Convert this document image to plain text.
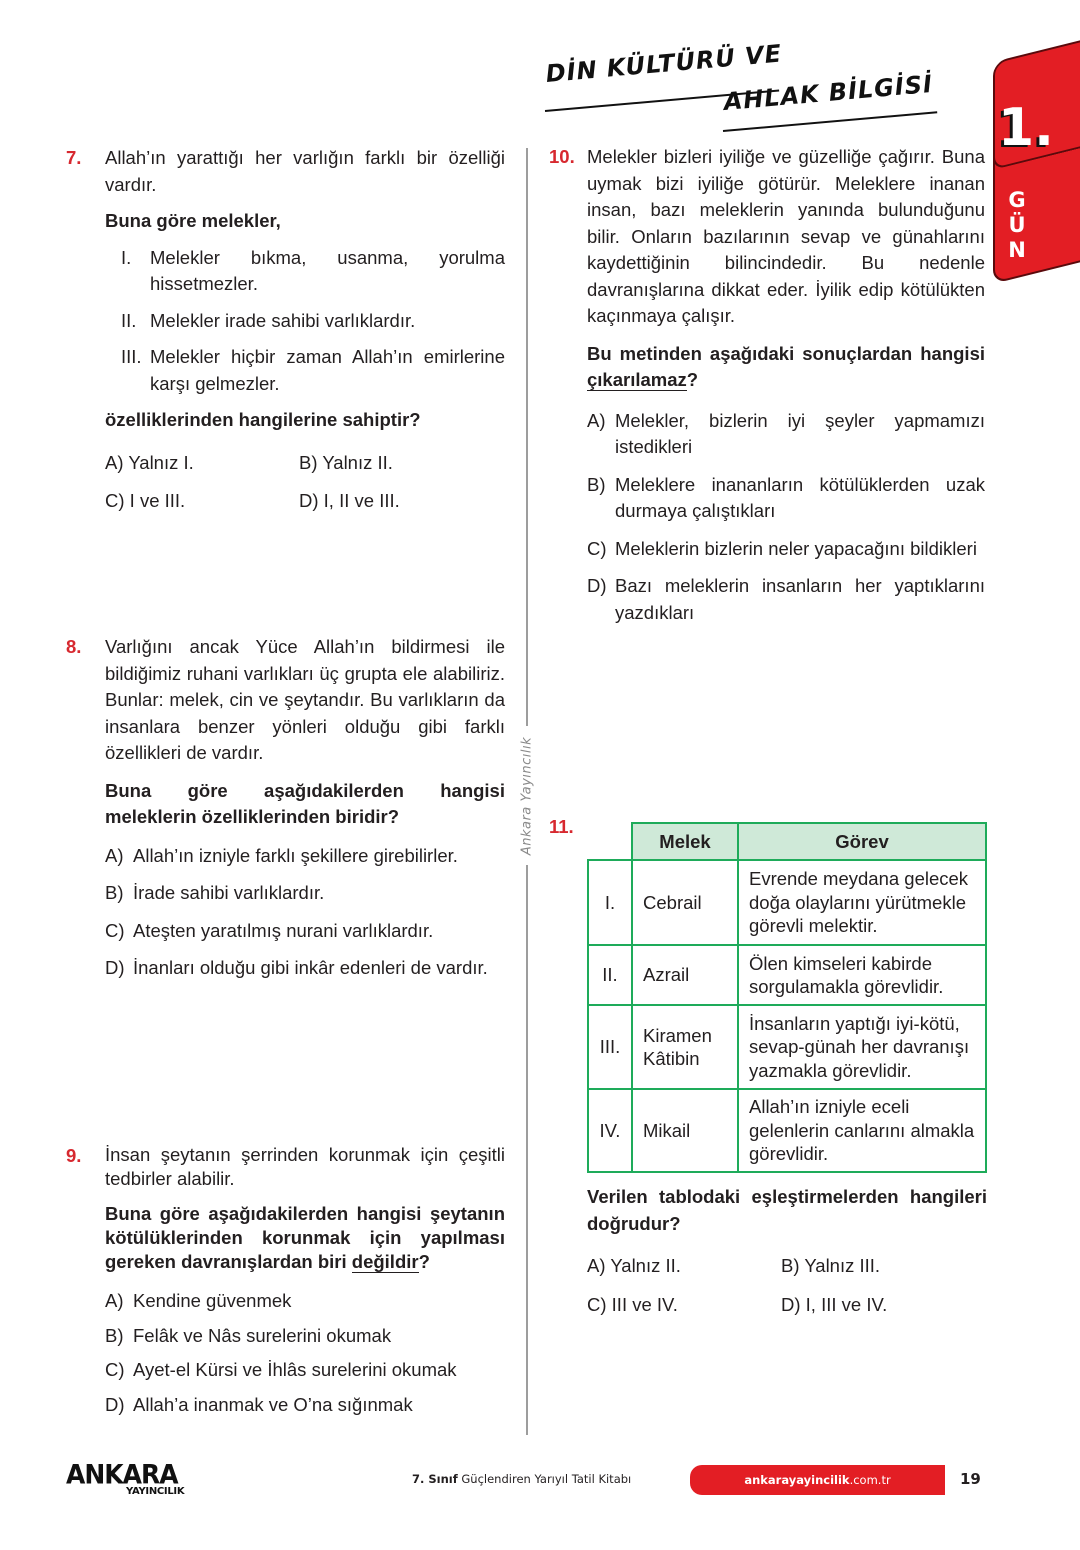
DİN KÜLTÜRÜ VE
AHLAK BİLGİSİ
1.
G
Ü
N
Ankara Yayıncılık
7. Allah’ın yarattığı her varlığın farklı bir özelliği vardır.
Buna göre melekler,
I. Melekler bıkma, usanma, yorulma hissetmezler.
II. Melekler irade sahibi varlıklardır.
III. Melekler hiçbir zaman Allah’ın emirlerine karşı gelmezler.
özelliklerinden hangilerine sahiptir?
A) Yalnız I.	B) Yalnız II.
C) I ve III.	D) I, II ve III.
8. Varlığını ancak Yüce Allah’ın bildirmesi ile bildiğimiz ruhani varlıkları üç grupta ele alabiliriz. Bunlar: melek, cin ve şeytandır. Bu varlıkların da insanlara benzer yönleri olduğu gibi farklı özellikleri de vardır.
Buna göre aşağıdakilerden hangisi meleklerin özelliklerinden biridir?
A) Allah’ın izniyle farklı şekillere girebilirler.
B) İrade sahibi varlıklardır.
C) Ateşten yaratılmış nurani varlıklardır.
D) İnanları olduğu gibi inkâr edenleri de vardır.
9. İnsan şeytanın şerrinden korunmak için çeşitli tedbirler alabilir.
Buna göre aşağıdakilerden hangisi şeytanın kötülüklerinden korunmak için yapılması gereken davranışlardan biri değildir?
A) Kendine güvenmek
B) Felâk ve Nâs surelerini okumak
C) Ayet-el Kürsi ve İhlâs surelerini okumak
D) Allah’a inanmak ve O’na sığınmak
10. Melekler bizleri iyiliğe ve güzelliğe çağırır. Buna uymak bizi iyiliğe götürür. Meleklere inanan insan, bazı meleklerin yanında bulunduğunu bilir. Onların bazılarının sevap ve günahlarını kaydettiğinin bilincindedir. Bu nedenle davranışlarına dikkat eder. İyilik edip kötülükten kaçınmaya çalışır.
Bu metinden aşağıdaki sonuçlardan hangisi çıkarılamaz?
A) Melekler, bizlerin iyi şeyler yapmamızı istedikleri
B) Meleklere inananların kötülüklerden uzak durmaya çalıştıkları
C) Meleklerin bizlerin neler yapacağını bildikleri
D) Bazı meleklerin insanların her yaptıklarını yazdıkları
11.
	Melek	Görev
I.	Cebrail	Evrende meydana gelecek doğa olaylarını yürütmekle görevli melektir.
II.	Azrail	Ölen kimseleri kabirde sorgulamakla görevlidir.
III.	Kiramen Kâtibin	İnsanların yaptığı iyi-kötü, sevap-günah her davranışı yazmakla görevlidir.
IV.	Mikail	Allah’ın izniyle eceli gelenlerin canlarını almakla görevlidir.
Verilen tablodaki eşleştirmelerden hangileri doğrudur?
A) Yalnız II.	B) Yalnız III.
C) III ve IV.	D) I, III ve IV.
ANKARA
YAYINCILIK
7. Sınıf Güçlendiren Yarıyıl Tatil Kitabı	ankarayayincilik .com.tr	19
